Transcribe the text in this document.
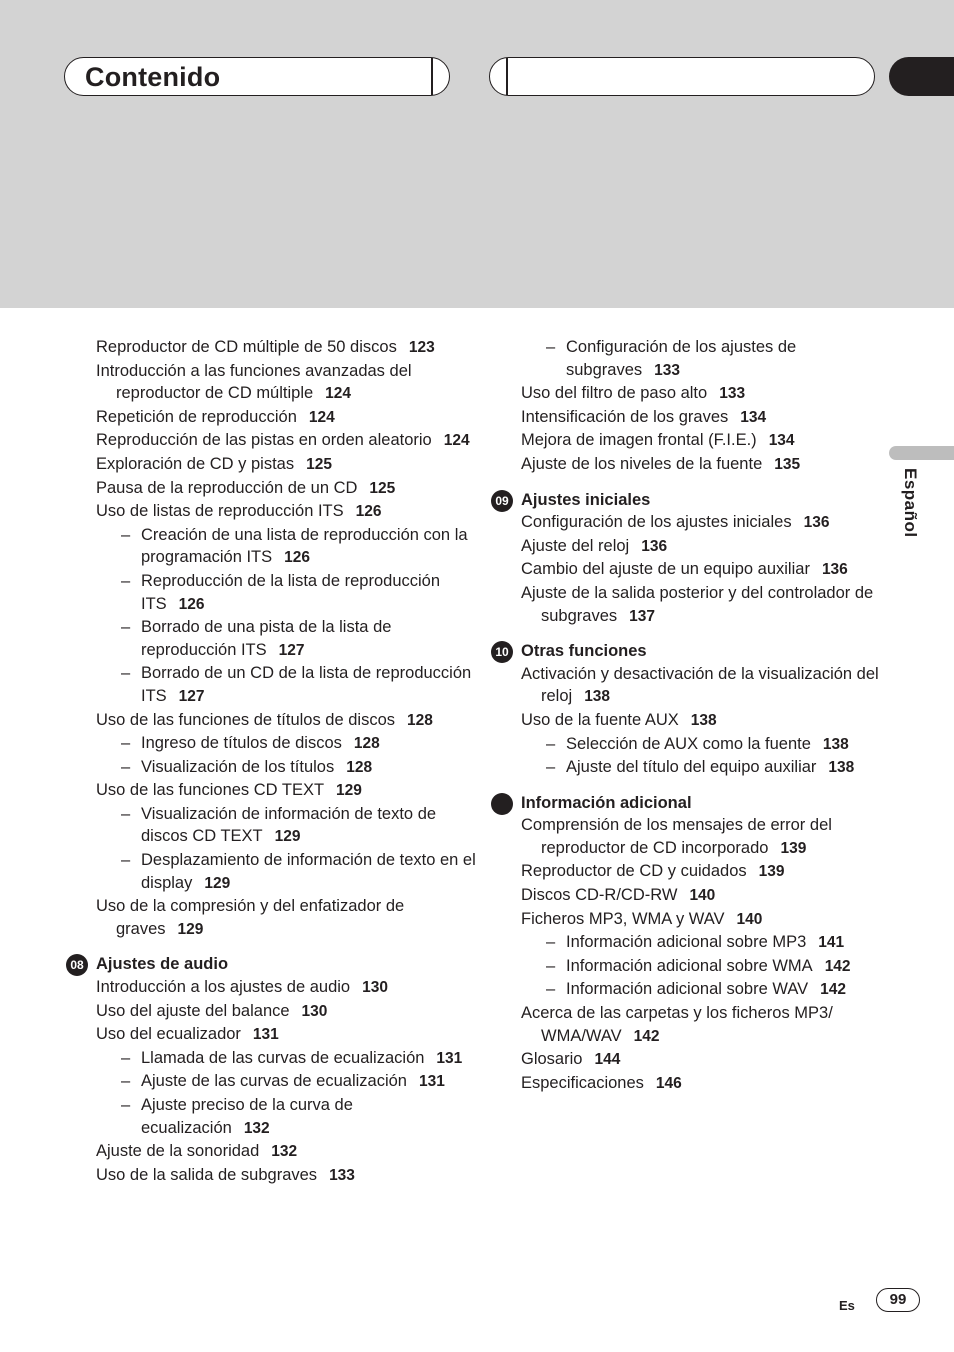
Contenido
Español
Reproductor de CD múltiple de 50 discos 123
Introducción a las funciones avanzadas del reproductor de CD múltiple 124
Repetición de reproducción 124
Reproducción de las pistas en orden aleatorio 124
Exploración de CD y pistas 125
Pausa de la reproducción de un CD 125
Uso de listas de reproducción ITS 126
– Creación de una lista de reproducción con la programación ITS 126
– Reproducción de la lista de reproducción ITS 126
– Borrado de una pista de la lista de reproducción ITS 127
– Borrado de un CD de la lista de reproducción ITS 127
Uso de las funciones de títulos de discos 128
– Ingreso de títulos de discos 128
– Visualización de los títulos 128
Uso de las funciones CD TEXT 129
– Visualización de información de texto de discos CD TEXT 129
– Desplazamiento de información de texto en el display 129
Uso de la compresión y del enfatizador de graves 129
08 Ajustes de audio
Introducción a los ajustes de audio 130
Uso del ajuste del balance 130
Uso del ecualizador 131
– Llamada de las curvas de ecualización 131
– Ajuste de las curvas de ecualización 131
– Ajuste preciso de la curva de ecualización 132
Ajuste de la sonoridad 132
Uso de la salida de subgraves 133
– Configuración de los ajustes de subgraves 133
Uso del filtro de paso alto 133
Intensificación de los graves 134
Mejora de imagen frontal (F.I.E.) 134
Ajuste de los niveles de la fuente 135
09 Ajustes iniciales
Configuración de los ajustes iniciales 136
Ajuste del reloj 136
Cambio del ajuste de un equipo auxiliar 136
Ajuste de la salida posterior y del controlador de subgraves 137
10 Otras funciones
Activación y desactivación de la visualización del reloj 138
Uso de la fuente AUX 138
– Selección de AUX como la fuente 138
– Ajuste del título del equipo auxiliar 138
Información adicional
Comprensión de los mensajes de error del reproductor de CD incorporado 139
Reproductor de CD y cuidados 139
Discos CD-R/CD-RW 140
Ficheros MP3, WMA y WAV 140
– Información adicional sobre MP3 141
– Información adicional sobre WMA 142
– Información adicional sobre WAV 142
Acerca de las carpetas y los ficheros MP3/ WMA/WAV 142
Glosario 144
Especificaciones 146
Es	99
